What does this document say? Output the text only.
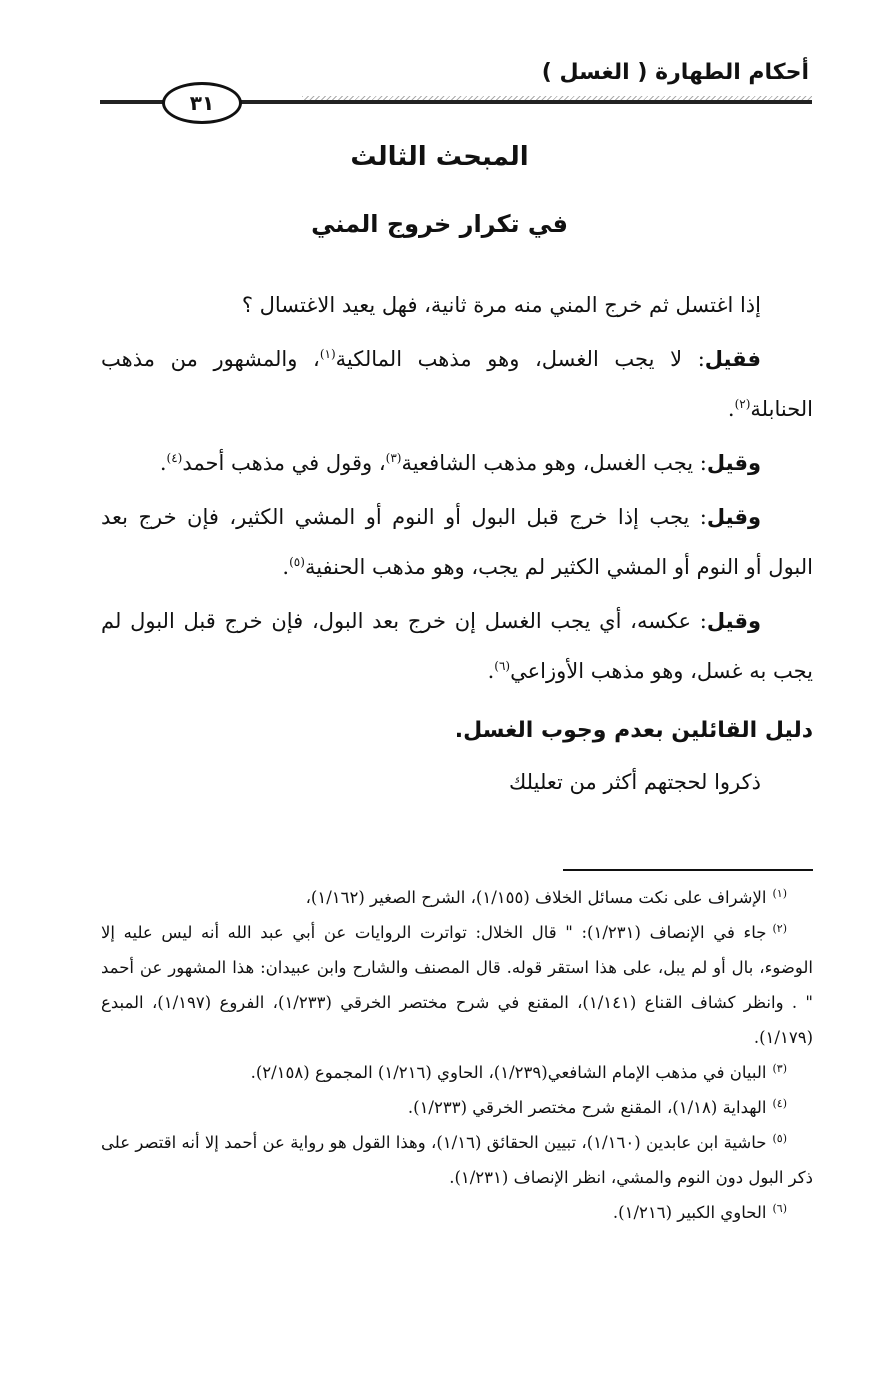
أحكام الطهارة ( الغسل )
٣١
المبحث الثالث
في تكرار خروج المني

إذا اغتسل ثم خرج المني منه مرة ثانية، فهل يعيد الاغتسال ؟

فقيل: لا يجب الغسل، وهو مذهب المالكية$^{(١)}$، والمشهور من مذهب الحنابلة$^{(٢)}$.

وقيل: يجب الغسل، وهو مذهب الشافعية$^{(٣)}$، وقول في مذهب أحمد$^{(٤)}$.

وقيل: يجب إذا خرج قبل البول أو النوم أو المشي الكثير، فإن خرج بعد البول أو النوم أو المشي الكثير لم يجب، وهو مذهب الحنفية$^{(٥)}$.

وقيل: عكسه، أي يجب الغسل إن خرج بعد البول، فإن خرج قبل البول لم يجب به غسل، وهو مذهب الأوزاعي$^{(٦)}$.

دليل القائلين بعدم وجوب الغسل.
ذكروا لحجتهم أكثر من تعليلك

$^{(١)}$الإشراف على نكت مسائل الخلاف (١/١٥٥)، الشرح الصغير (١/١٦٢)،

$^{(٢)}$جاء في الإنصاف (١/٢٣١): " قال الخلال: تواترت الروايات عن أبي عبد الله أنه ليس عليه إلا الوضوء، بال أو لم يبل، على هذا استقر قوله. قال المصنف والشارح وابن عبيدان: هذا المشهور عن أحمد " . وانظر كشاف القناع (١/١٤١)، المقنع في شرح مختصر الخرقي (١/٢٣٣)، الفروع (١/١٩٧)، المبدع (١/١٧٩).

$^{(٣)}$البيان في مذهب الإمام الشافعي(١/٢٣٩)، الحاوي (١/٢١٦) المجموع (٢/١٥٨).

$^{(٤)}$الهداية (١/١٨)، المقنع شرح مختصر الخرقي (١/٢٣٣).

$^{(٥)}$حاشية ابن عابدين (١/١٦٠)، تبيين الحقائق (١/١٦)، وهذا القول هو رواية عن أحمد إلا أنه اقتصر على ذكر البول دون النوم والمشي، انظر الإنصاف (١/٢٣١).

$^{(٦)}$الحاوي الكبير (١/٢١٦).
